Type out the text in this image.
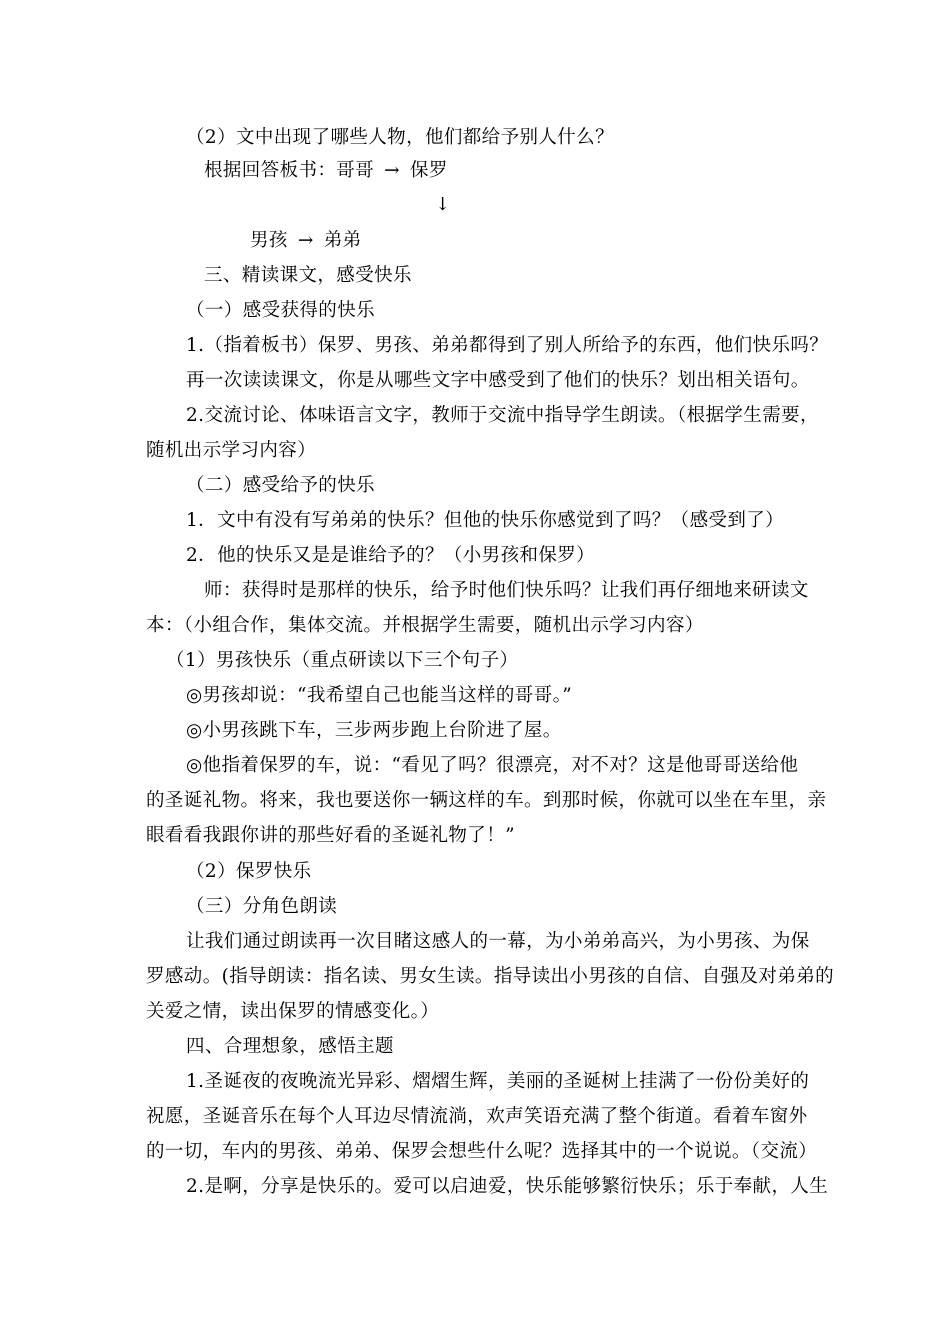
（2）文中出现了哪些人物，他们都给予别人什么？
根据回答板书：哥哥 → 保罗
↓
男孩 → 弟弟
三、精读课文，感受快乐
（一）感受获得的快乐
1.（指着板书）保罗、男孩、弟弟都得到了别人所给予的东西，他们快乐吗？
再一次读读课文，你是从哪些文字中感受到了他们的快乐？划出相关语句。
2.交流讨论、体味语言文字，教师于交流中指导学生朗读。（根据学生需要，
随机出示学习内容）
（二）感受给予的快乐
1．文中有没有写弟弟的快乐？但他的快乐你感觉到了吗？（感受到了）
2．他的快乐又是是谁给予的？（小男孩和保罗）
师：获得时是那样的快乐，给予时他们快乐吗？让我们再仔细地来研读文
本：（小组合作，集体交流。并根据学生需要，随机出示学习内容）
（1）男孩快乐（重点研读以下三个句子）
◎男孩却说：“我希望自己也能当这样的哥哥。”
◎小男孩跳下车，三步两步跑上台阶进了屋。
◎他指着保罗的车，说：“看见了吗？很漂亮，对不对？这是他哥哥送给他
的圣诞礼物。将来，我也要送你一辆这样的车。到那时候，你就可以坐在车里，亲
眼看看我跟你讲的那些好看的圣诞礼物了！”
（2）保罗快乐
（三）分角色朗读
让我们通过朗读再一次目睹这感人的一幕，为小弟弟高兴，为小男孩、为保
罗感动。(指导朗读：指名读、男女生读。指导读出小男孩的自信、自强及对弟弟的
关爱之情，读出保罗的情感变化。）
四、合理想象，感悟主题
1.圣诞夜的夜晚流光异彩、熠熠生辉，美丽的圣诞树上挂满了一份份美好的
祝愿，圣诞音乐在每个人耳边尽情流淌，欢声笑语充满了整个街道。看着车窗外
的一切，车内的男孩、弟弟、保罗会想些什么呢？选择其中的一个说说。（交流）
2.是啊，分享是快乐的。爱可以启迪爱，快乐能够繁衍快乐；乐于奉献，人生
